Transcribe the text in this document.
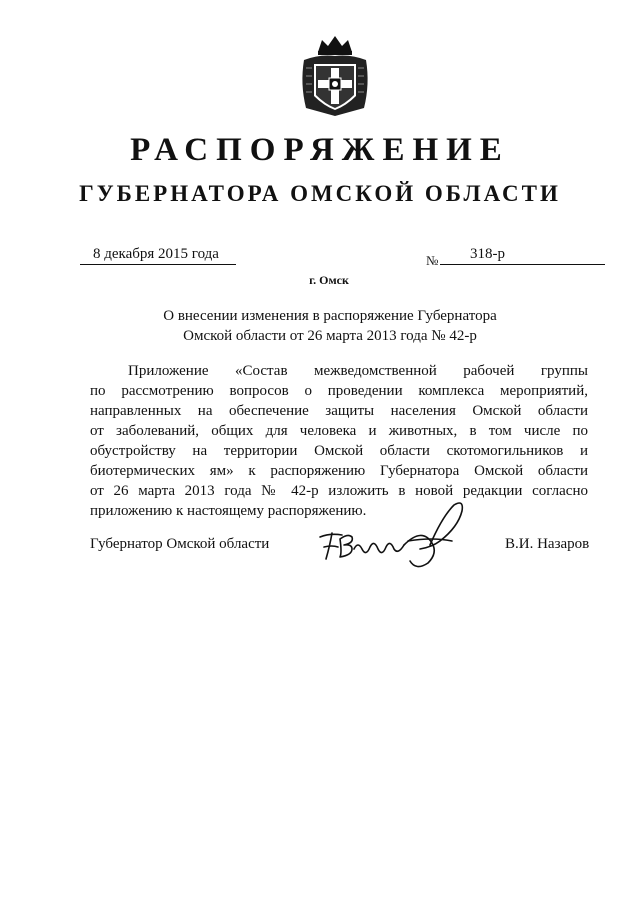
РАСПОРЯЖЕНИЕ
ГУБЕРНАТОРА ОМСКОЙ ОБЛАСТИ
8 декабря 2015 года	№ 318-р
г. Омск
О внесении изменения в распоряжение Губернатора
Омской области от 26 марта 2013 года № 42-р
Приложение «Состав межведомственной рабочей группы
по рассмотрению вопросов о проведении комплекса мероприятий,
направленных на обеспечение защиты населения Омской области
от заболеваний, общих для человека и животных, в том числе по
обустройству на территории Омской области скотомогильников и
биотермических ям» к распоряжению Губернатора Омской области
от 26 марта 2013 года № 42-р изложить в новой редакции согласно
приложению к настоящему распоряжению.
Губернатор Омской области	В.И. Назаров
